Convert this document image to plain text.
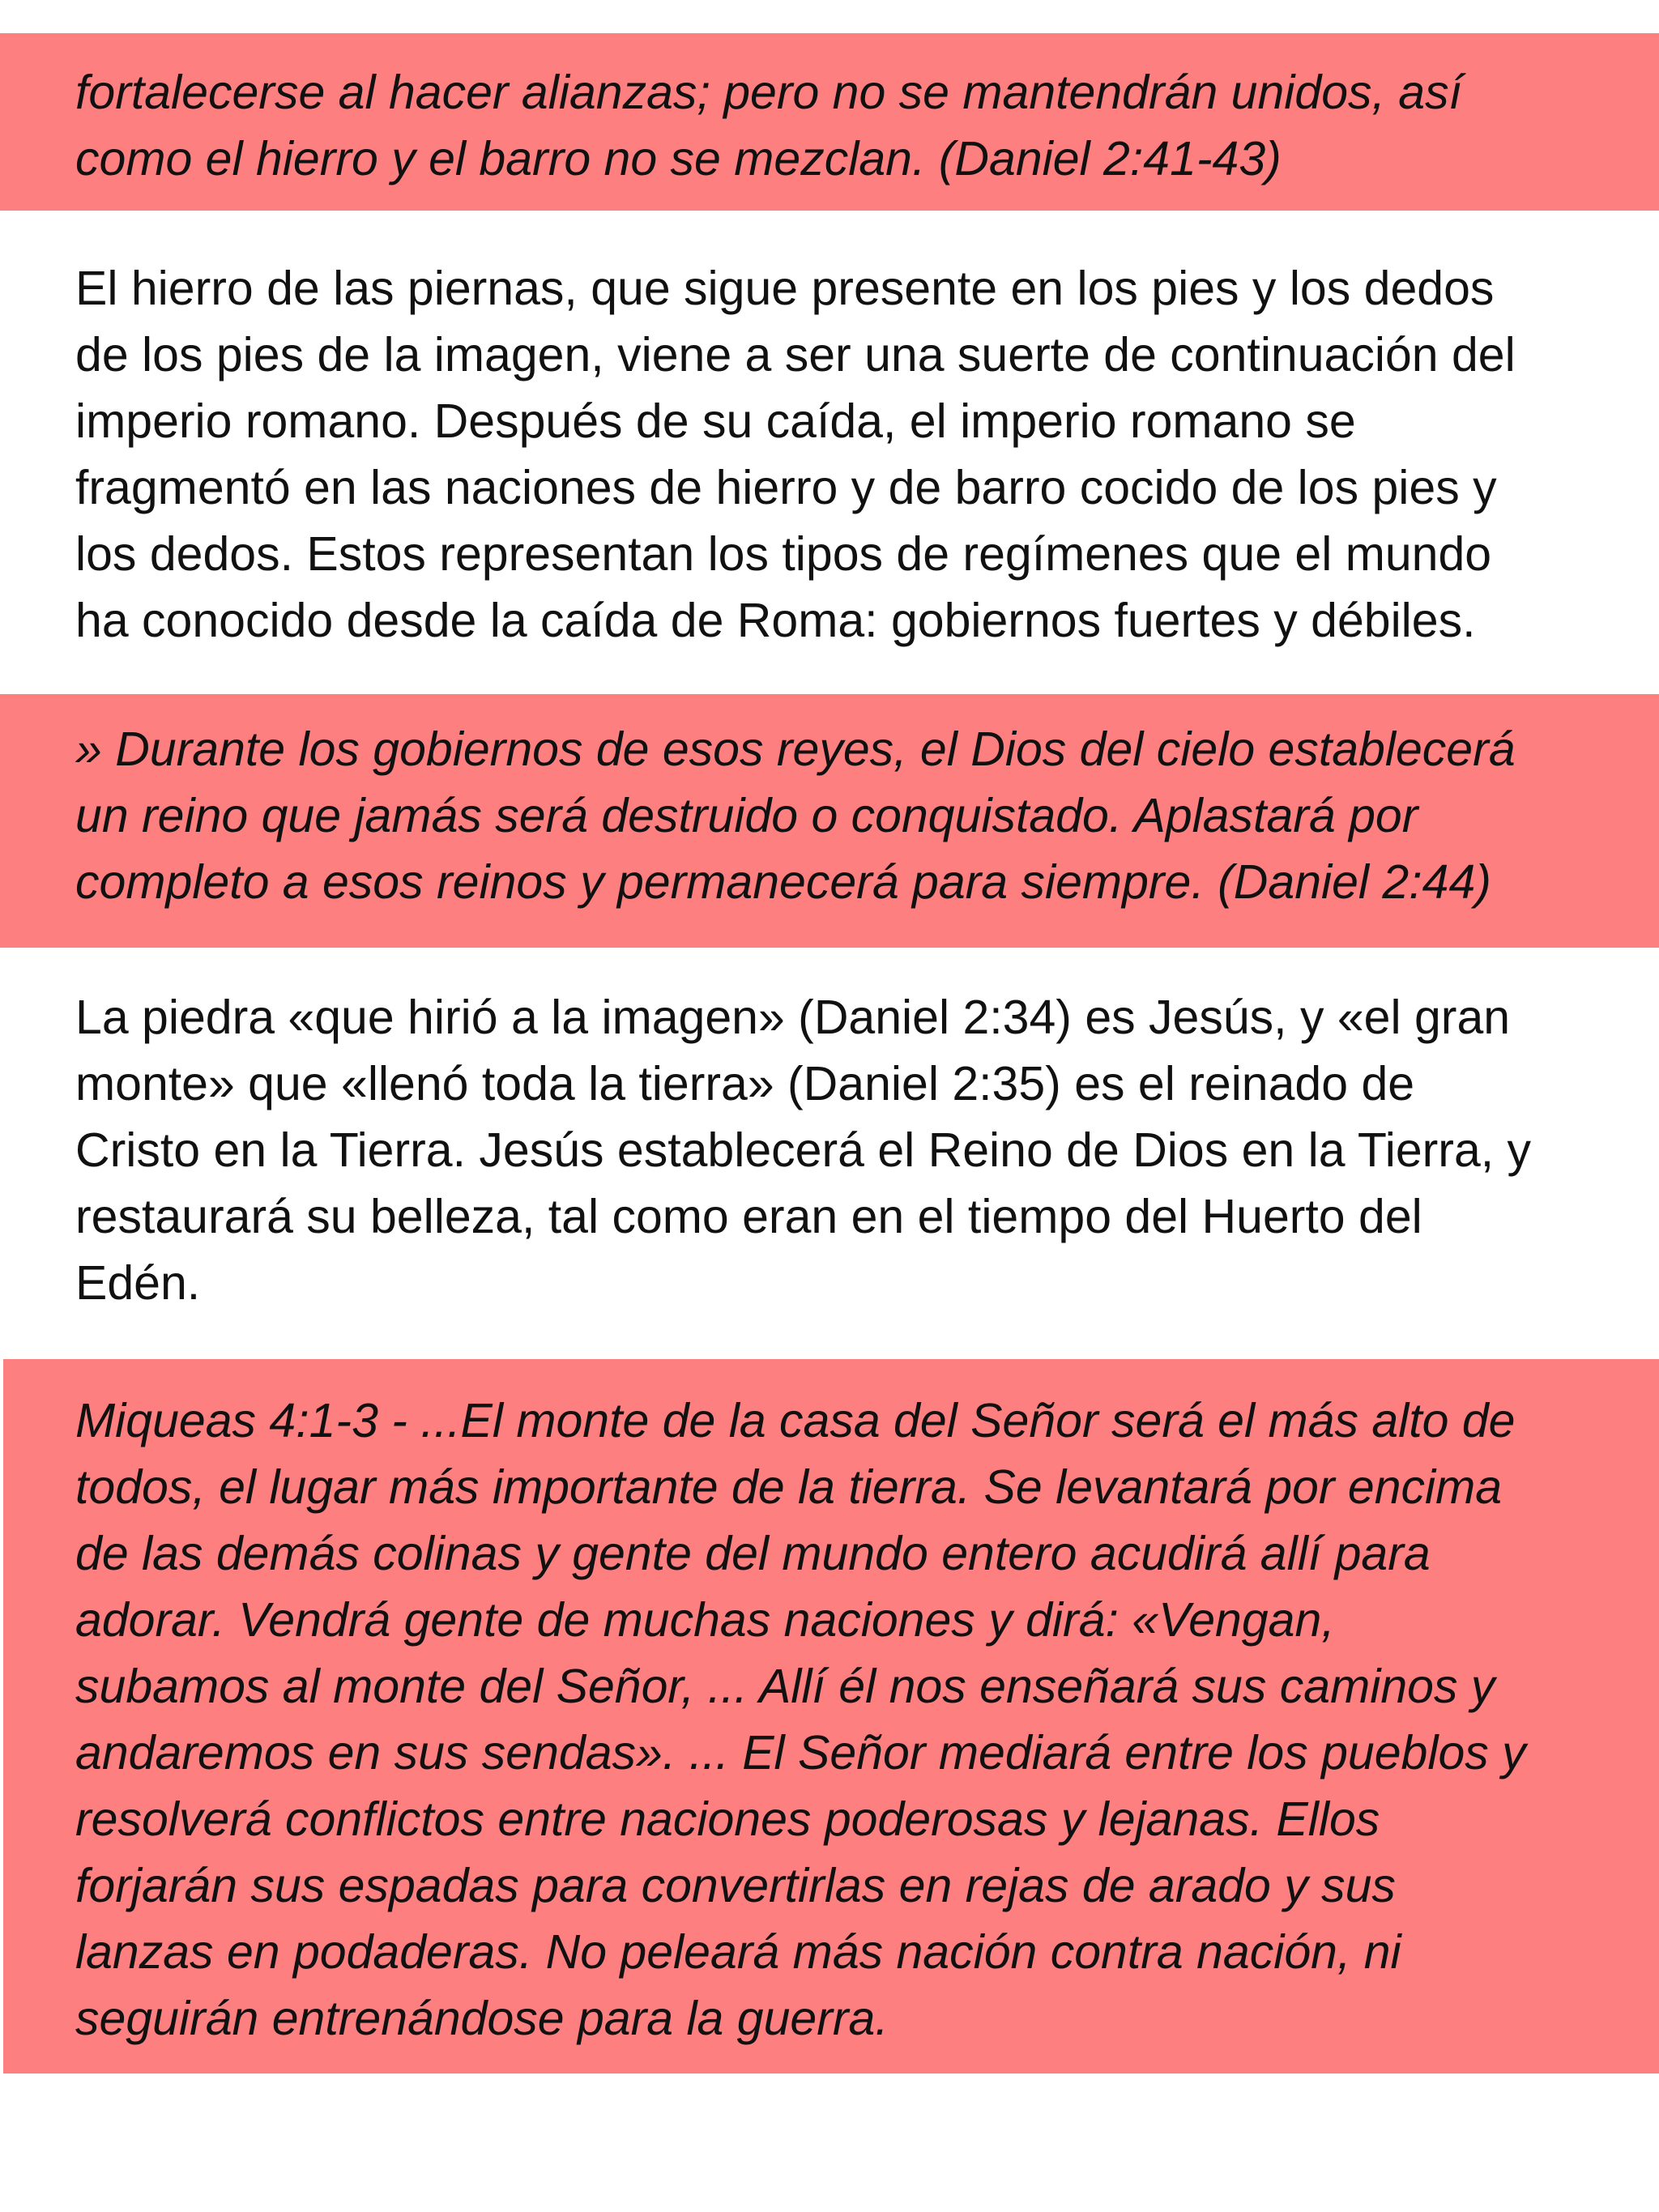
fortalecerse al hacer alianzas; pero no se mantendrán unidos, así
como el hierro y el barro no se mezclan. (Daniel 2:41-43)
El hierro de las piernas, que sigue presente en los pies y los dedos
de los pies de la imagen, viene a ser una suerte de continuación del
imperio romano. Después de su caída, el imperio romano se
fragmentó en las naciones de hierro y de barro cocido de los pies y
los dedos. Estos representan los tipos de regímenes que el mundo
ha conocido desde la caída de Roma: gobiernos fuertes y débiles.
» Durante los gobiernos de esos reyes, el Dios del cielo establecerá
un reino que jamás será destruido o conquistado. Aplastará por
completo a esos reinos y permanecerá para siempre. (Daniel 2:44)
La piedra «que hirió a la imagen» (Daniel 2:34) es Jesús, y «el gran
monte» que «llenó toda la tierra» (Daniel 2:35) es el reinado de
Cristo en la Tierra. Jesús establecerá el Reino de Dios en la Tierra, y
restaurará su belleza, tal como eran en el tiempo del Huerto del
Edén.
Miqueas 4:1-3 - ...El monte de la casa del Señor será el más alto de
todos, el lugar más importante de la tierra. Se levantará por encima
de las demás colinas y gente del mundo entero acudirá allí para
adorar. Vendrá gente de muchas naciones y dirá: «Vengan,
subamos al monte del Señor, ... Allí él nos enseñará sus caminos y
andaremos en sus sendas». ... El Señor mediará entre los pueblos y
resolverá conflictos entre naciones poderosas y lejanas. Ellos
forjarán sus espadas para convertirlas en rejas de arado y sus
lanzas en podaderas. No peleará más nación contra nación, ni
seguirán entrenándose para la guerra.
